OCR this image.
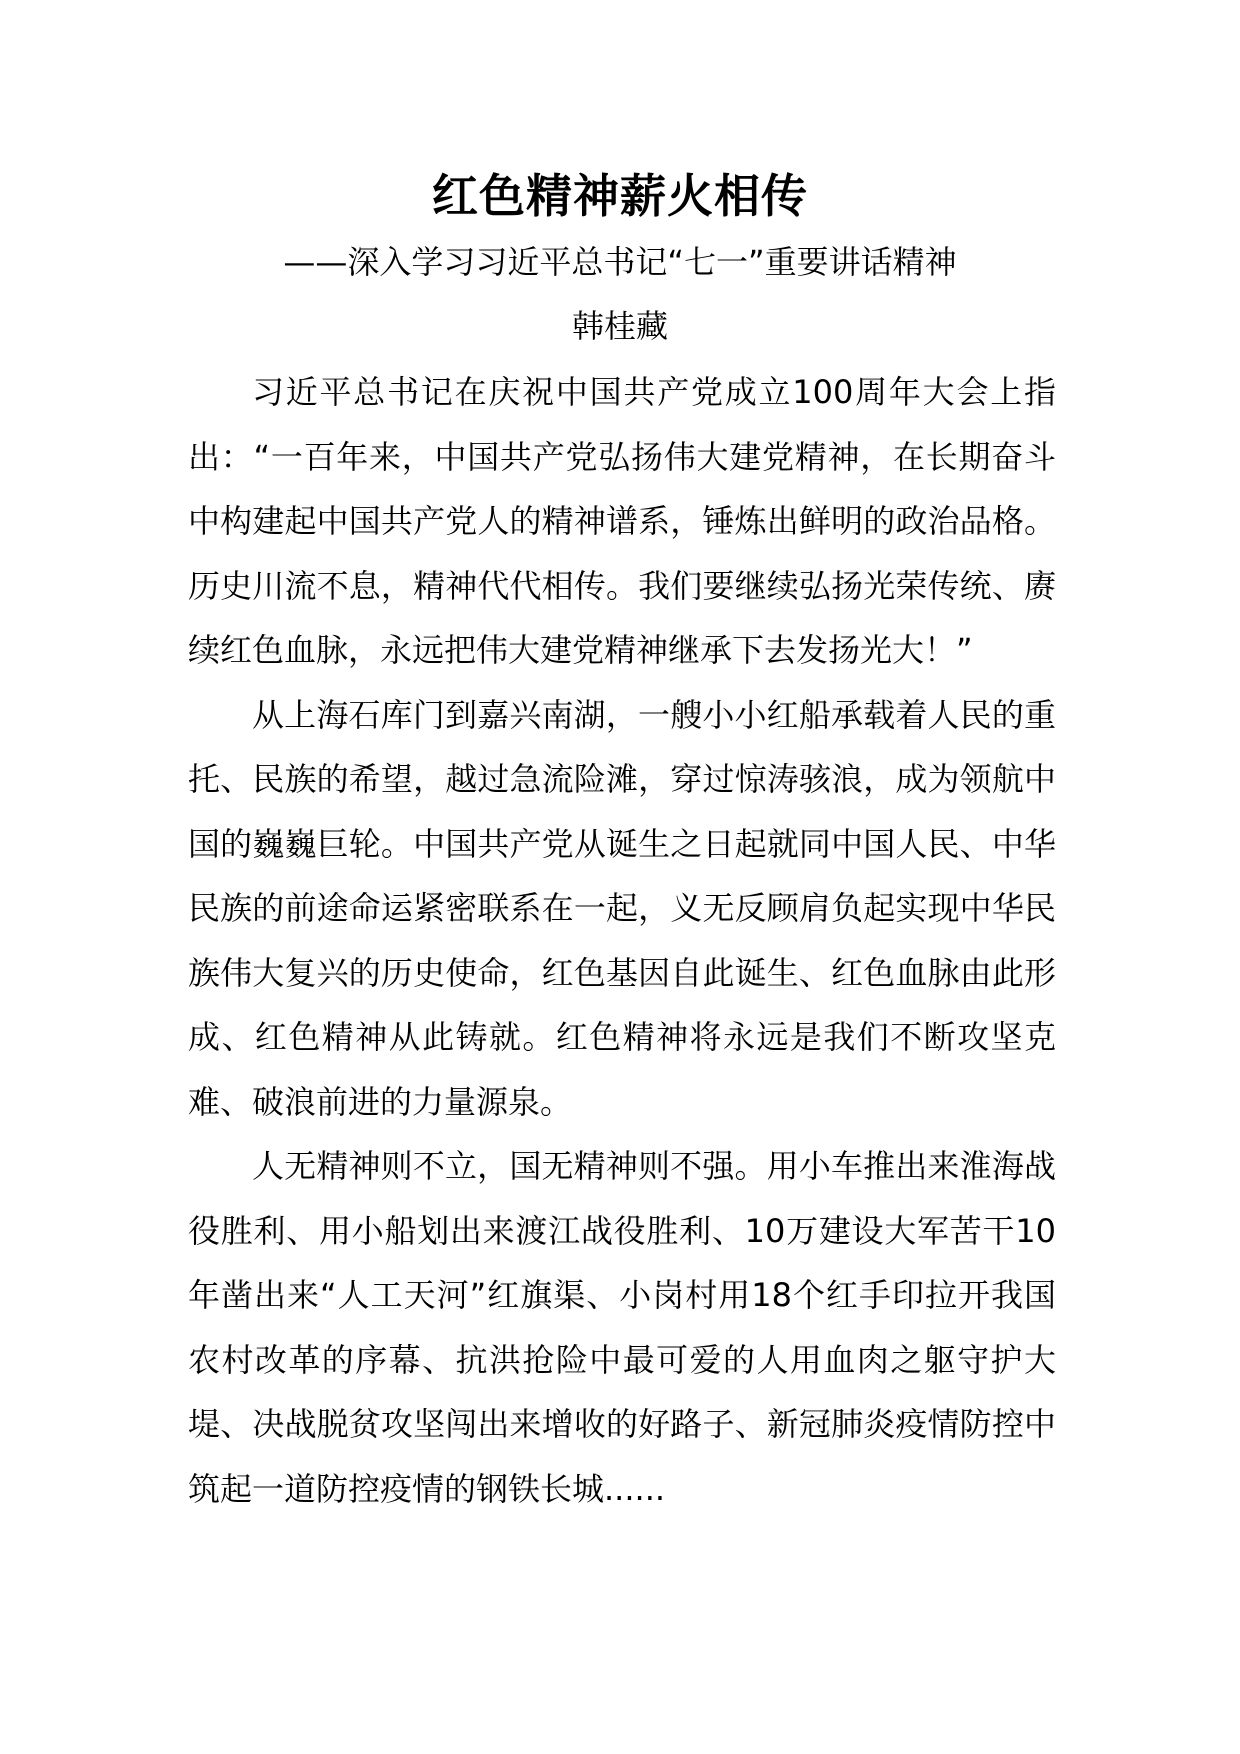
红色精神薪火相传
——深入学习习近平总书记“七一”重要讲话精神
韩桂藏

习近平总书记在庆祝中国共产党成立100周年大会上指出：“一百年来，中国共产党弘扬伟大建党精神，在长期奋斗中构建起中国共产党人的精神谱系，锤炼出鲜明的政治品格。历史川流不息，精神代代相传。我们要继续弘扬光荣传统、赓续红色血脉，永远把伟大建党精神继承下去发扬光大！”

从上海石库门到嘉兴南湖，一艘小小红船承载着人民的重托、民族的希望，越过急流险滩，穿过惊涛骇浪，成为领航中国的巍巍巨轮。中国共产党从诞生之日起就同中国人民、中华民族的前途命运紧密联系在一起，义无反顾肩负起实现中华民族伟大复兴的历史使命，红色基因自此诞生、红色血脉由此形成、红色精神从此铸就。红色精神将永远是我们不断攻坚克难、破浪前进的力量源泉。

人无精神则不立，国无精神则不强。用小车推出来淮海战役胜利、用小船划出来渡江战役胜利、10万建设大军苦干10年凿出来“人工天河”红旗渠、小岗村用18个红手印拉开我国农村改革的序幕、抗洪抢险中最可爱的人用血肉之躯守护大堤、决战脱贫攻坚闯出来增收的好路子、新冠肺炎疫情防控中筑起一道防控疫情的钢铁长城......
